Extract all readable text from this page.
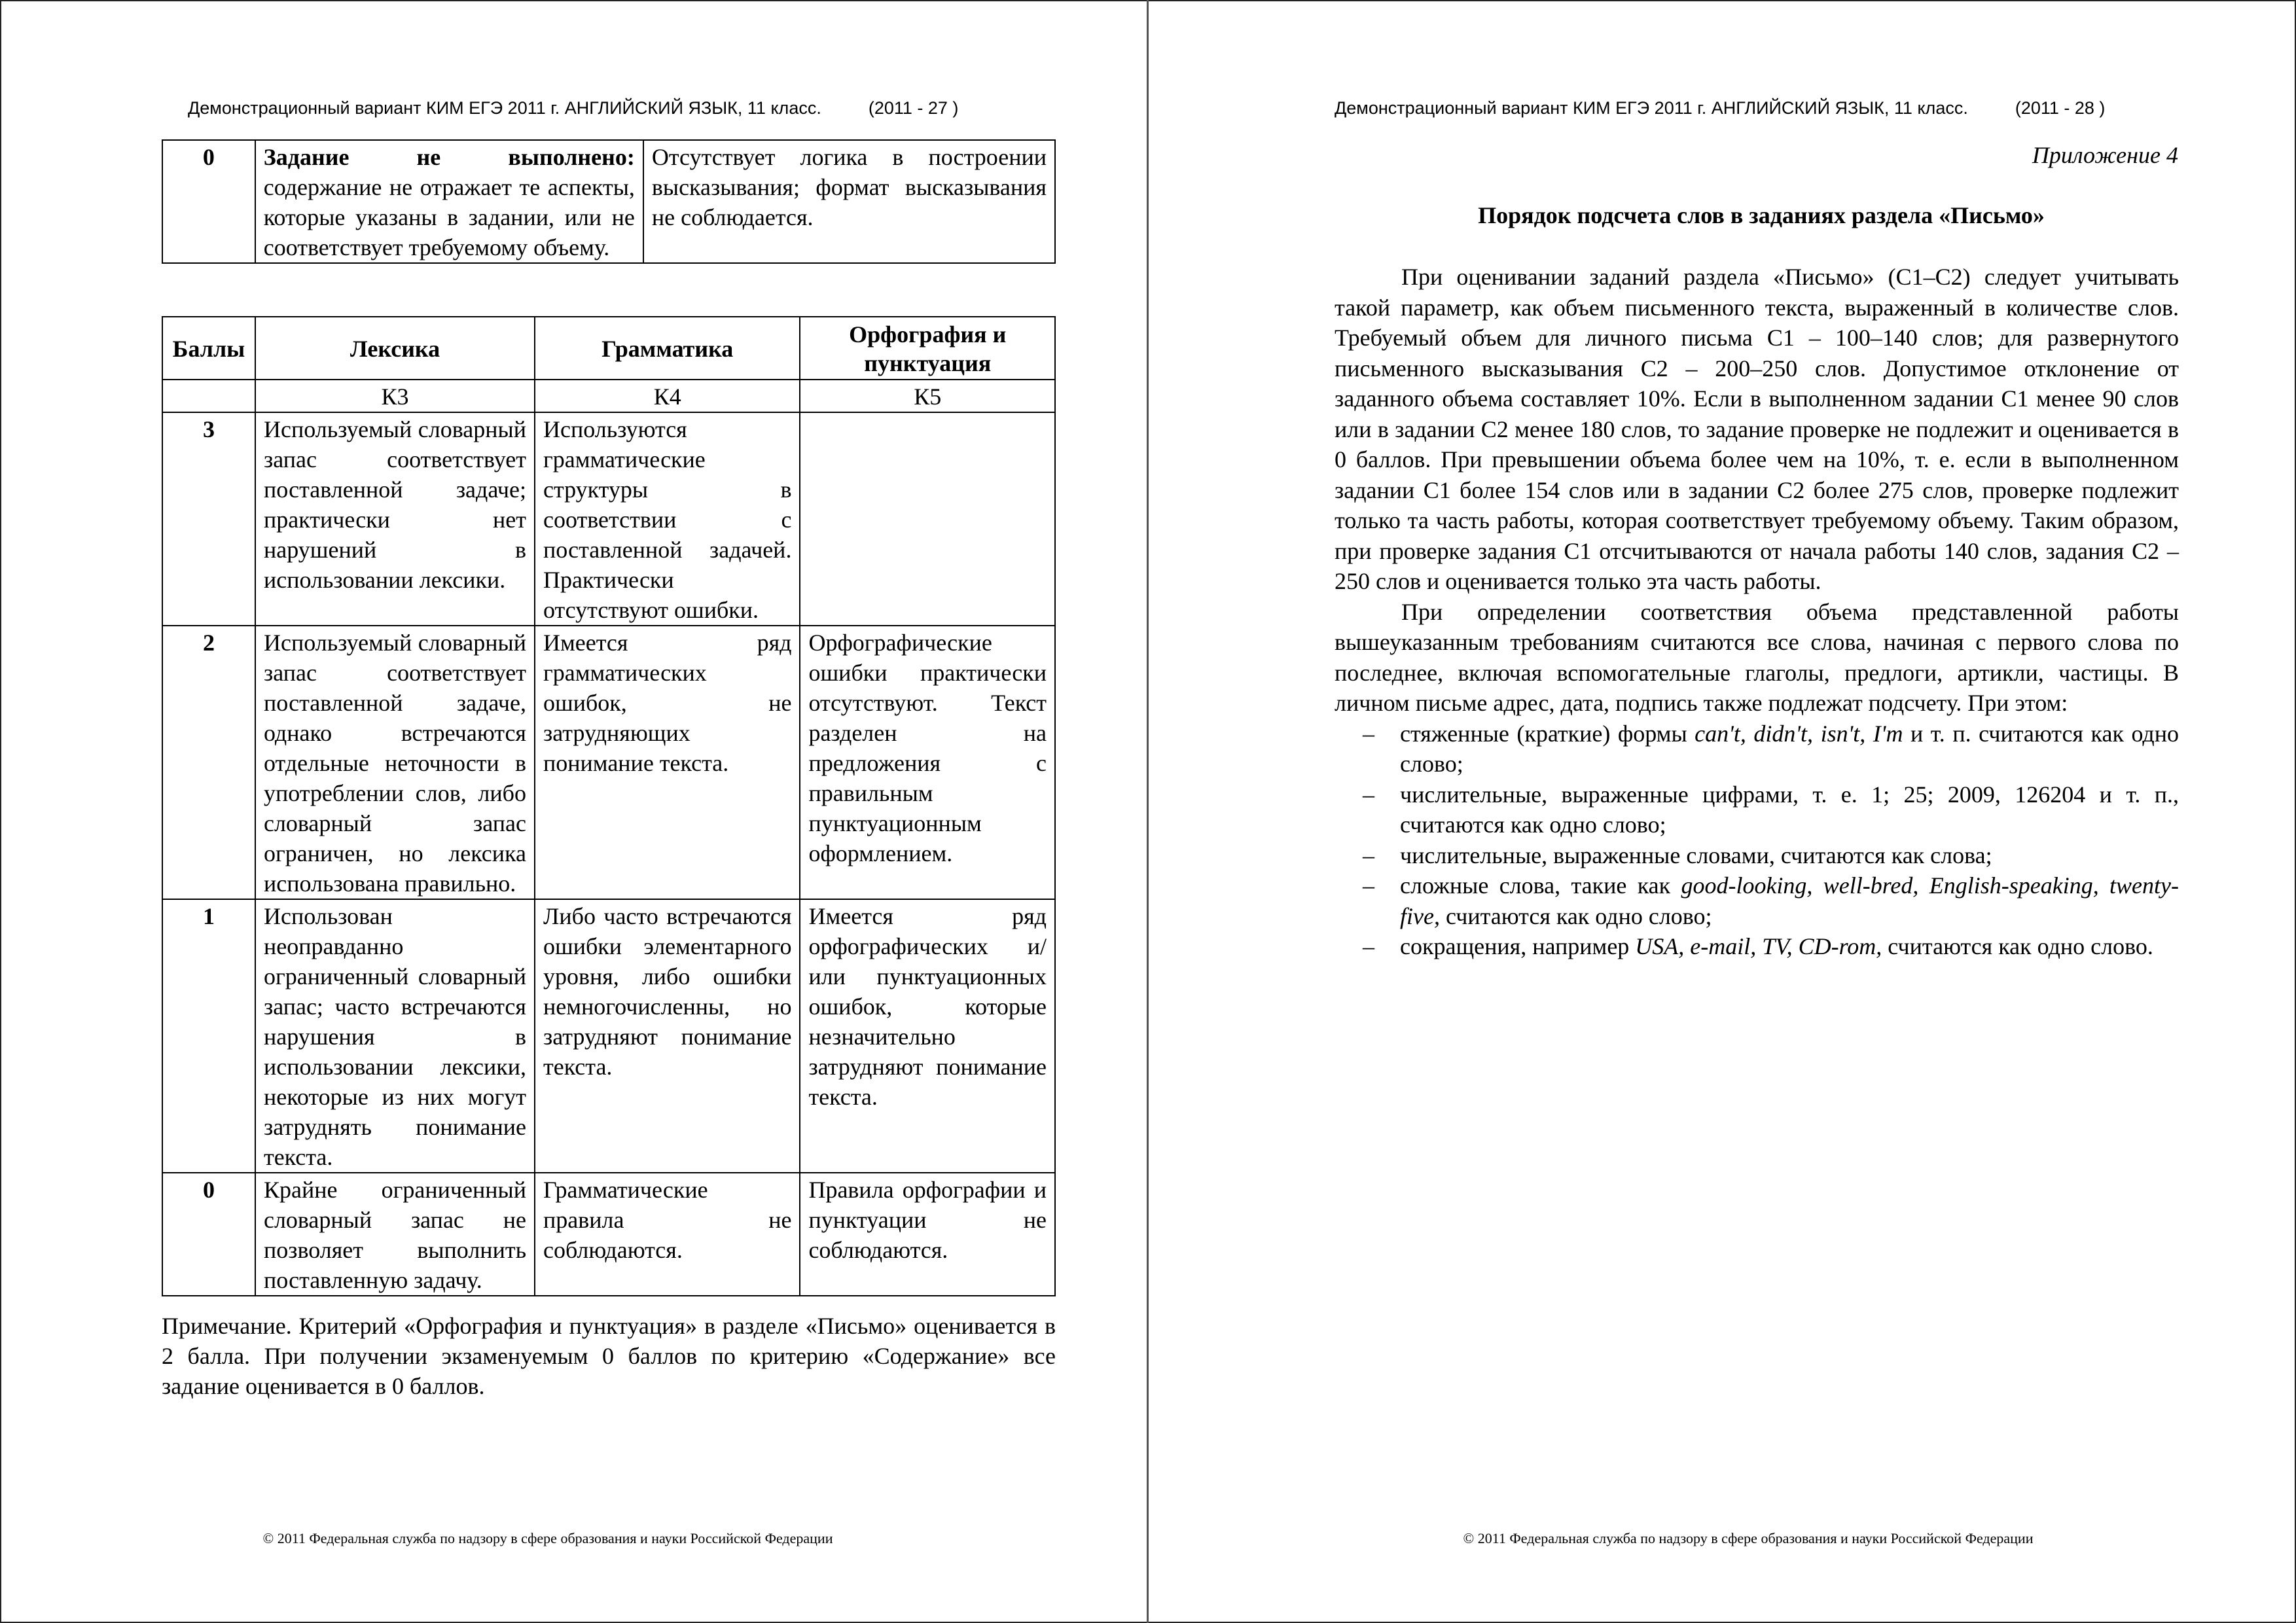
Демонстрационный вариант КИМ ЕГЭ 2011 г. АНГЛИЙСКИЙ ЯЗЫК, 11 класс.	(2011 - 27 )
0	Задание не выполнено: содержание не отражает те аспекты, которые указаны в задании, или не соответствует требуемому объему.	Отсутствует логика в построении высказывания; формат высказывания не соблюдается.
Баллы	Лексика	Грамматика	Орфография и пунктуация
	К3	К4	К5
3	Используемый словарный запас соответствует поставленной задаче; практически нет нарушений в использовании лексики.	Используются грамматические структуры в соответствии с поставленной задачей. Практически отсутствуют ошибки.	
2	Используемый словарный запас соответствует поставленной задаче, однако встречаются отдельные неточности в употреблении слов, либо словарный запас ограничен, но лексика использована правильно.	Имеется ряд грамматических ошибок, не затрудняющих понимание текста.	Орфографические ошибки практически отсутствуют. Текст разделен на предложения с правильным пунктуационным оформлением.
1	Использован неоправданно ограниченный словарный запас; часто встречаются нарушения в использовании лексики, некоторые из них могут затруднять понимание текста.	Либо часто встречаются ошибки элементарного уровня, либо ошибки немногочисленны, но затрудняют понимание текста.	Имеется ряд орфографических и/или пунктуационных ошибок, которые незначительно затрудняют понимание текста.
0	Крайне ограниченный словарный запас не позволяет выполнить поставленную задачу.	Грамматические правила не соблюдаются.	Правила орфографии и пунктуации не соблюдаются.
Примечание. Критерий «Орфография и пунктуация» в разделе «Письмо» оценивается в 2 балла. При получении экзаменуемым 0 баллов по критерию «Содержание» все задание оценивается в 0 баллов.
© 2011 Федеральная служба по надзору в сфере образования и науки Российской Федерации
Демонстрационный вариант КИМ ЕГЭ 2011 г. АНГЛИЙСКИЙ ЯЗЫК, 11 класс.	(2011 - 28 )
Приложение 4
Порядок подсчета слов в заданиях раздела «Письмо»

При оценивании заданий раздела «Письмо» (С1–С2) следует учитывать такой параметр, как объем письменного текста, выраженный в количестве слов. Требуемый объем для личного письма С1 – 100–140 слов; для развернутого письменного высказывания С2 – 200–250 слов. Допустимое отклонение от заданного объема составляет 10%. Если в выполненном задании С1 менее 90 слов или в задании С2 менее 180 слов, то задание проверке не подлежит и оценивается в 0 баллов. При превышении объема более чем на 10%, т. е. если в выполненном задании С1 более 154 слов или в задании С2 более 275 слов, проверке подлежит только та часть работы, которая соответствует требуемому объему. Таким образом, при проверке задания С1 отсчитываются от начала работы 140 слов, задания С2 – 250 слов и оценивается только эта часть работы.

При определении соответствия объема представленной работы вышеуказанным требованиям считаются все слова, начиная с первого слова по последнее, включая вспомогательные глаголы, предлоги, артикли, частицы. В личном письме адрес, дата, подпись также подлежат подсчету. При этом:

– стяженные (краткие) формы can't, didn't, isn't, I'm и т. п. считаются как одно слово;
– числительные, выраженные цифрами, т. е. 1; 25; 2009, 126204 и т. п., считаются как одно слово;
– числительные, выраженные словами, считаются как слова;
– сложные слова, такие как good-looking, well-bred, English-speaking, twenty-five, считаются как одно слово;
– сокращения, например USA, e-mail, TV, CD-rom, считаются как одно слово.
© 2011 Федеральная служба по надзору в сфере образования и науки Российской Федерации
